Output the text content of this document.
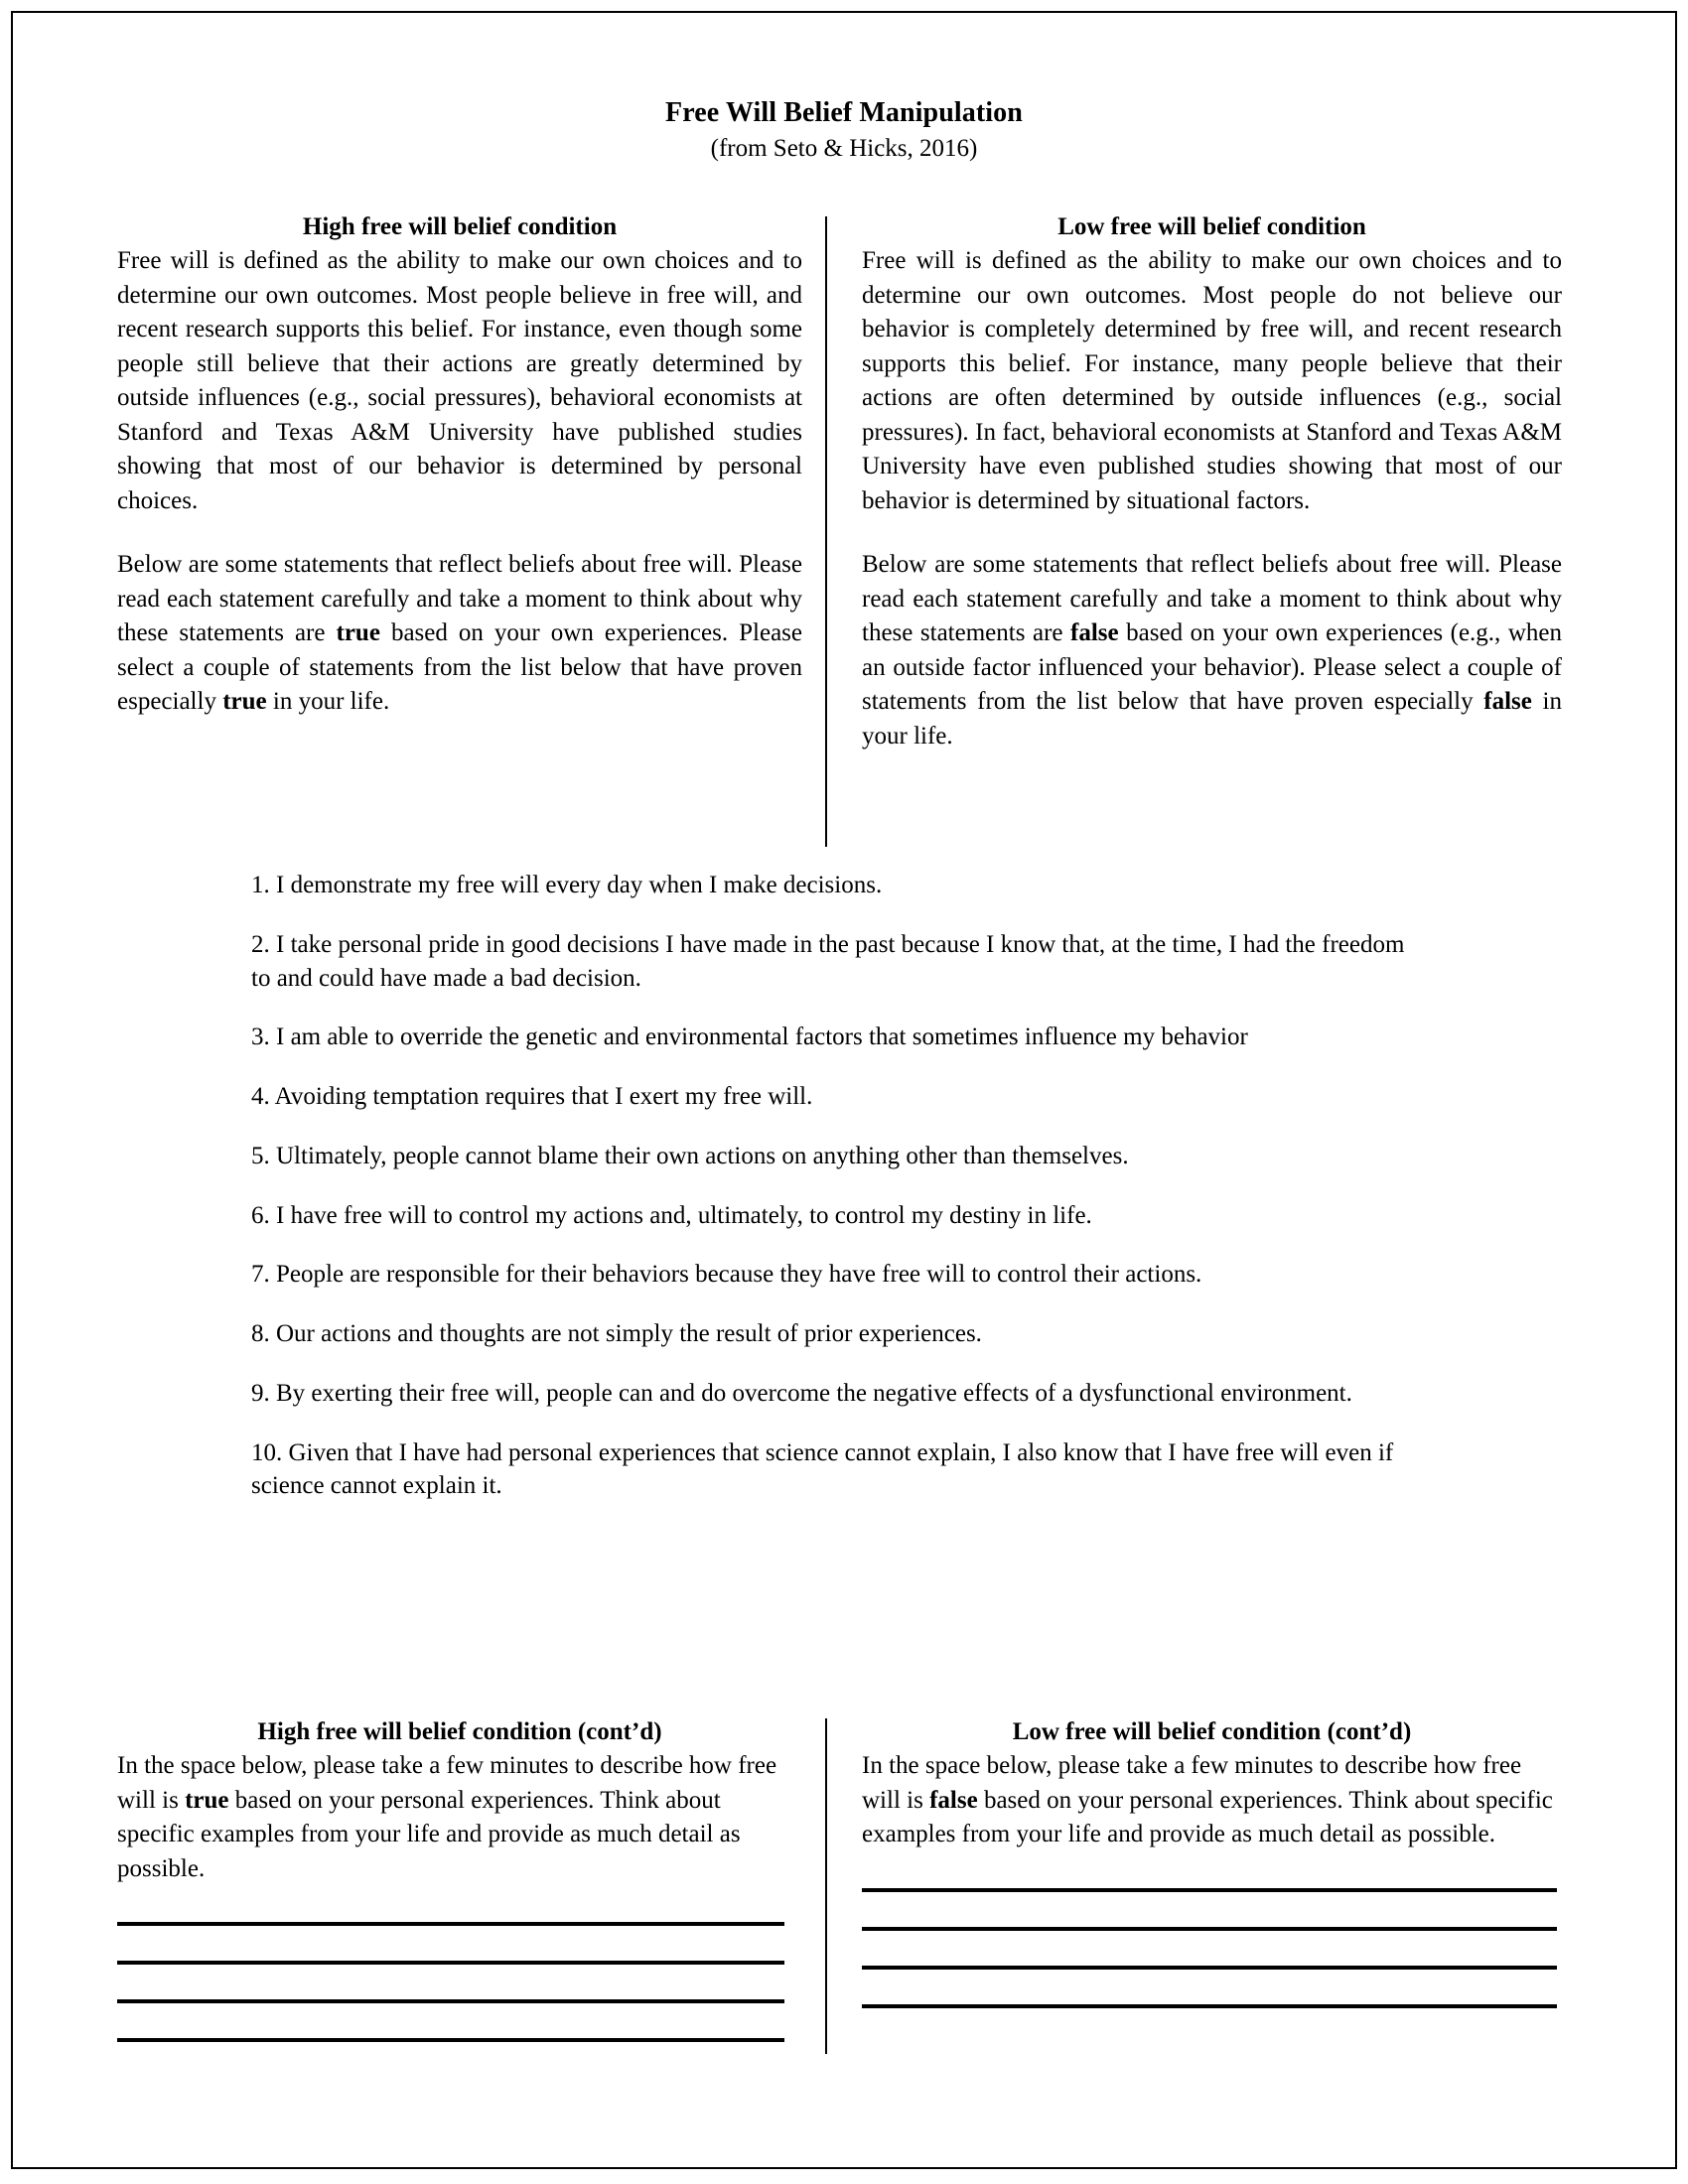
Free Will Belief Manipulation
(from Seto & Hicks, 2016)
High free will belief condition

Free will is defined as the ability to make our own choices and to determine our own outcomes. Most people believe in free will, and recent research supports this belief. For instance, even though some people still believe that their actions are greatly determined by outside influences (e.g., social pressures), behavioral economists at Stanford and Texas A&M University have published studies showing that most of our behavior is determined by personal choices.

Below are some statements that reflect beliefs about free will. Please read each statement carefully and take a moment to think about why these statements are true based on your own experiences. Please select a couple of statements from the list below that have proven especially true in your life.

Low free will belief condition

Free will is defined as the ability to make our own choices and to determine our own outcomes. Most people do not believe our behavior is completely determined by free will, and recent research supports this belief. For instance, many people believe that their actions are often determined by outside influences (e.g., social pressures). In fact, behavioral economists at Stanford and Texas A&M University have even published studies showing that most of our behavior is determined by situational factors.

Below are some statements that reflect beliefs about free will. Please read each statement carefully and take a moment to think about why these statements are false based on your own experiences (e.g., when an outside factor influenced your behavior). Please select a couple of statements from the list below that have proven especially false in your life.

1. I demonstrate my free will every day when I make decisions.
2. I take personal pride in good decisions I have made in the past because I know that, at the time, I had the freedom to and could have made a bad decision.
3. I am able to override the genetic and environmental factors that sometimes influence my behavior
4. Avoiding temptation requires that I exert my free will.
5. Ultimately, people cannot blame their own actions on anything other than themselves.
6. I have free will to control my actions and, ultimately, to control my destiny in life.
7. People are responsible for their behaviors because they have free will to control their actions.
8. Our actions and thoughts are not simply the result of prior experiences.
9. By exerting their free will, people can and do overcome the negative effects of a dysfunctional environment.
10. Given that I have had personal experiences that science cannot explain, I also know that I have free will even if science cannot explain it.
High free will belief condition (cont’d)

In the space below, please take a few minutes to describe how free will is true based on your personal experiences. Think about specific examples from your life and provide as much detail as possible.

Low free will belief condition (cont’d)

In the space below, please take a few minutes to describe how free will is false based on your personal experiences. Think about specific examples from your life and provide as much detail as possible.
